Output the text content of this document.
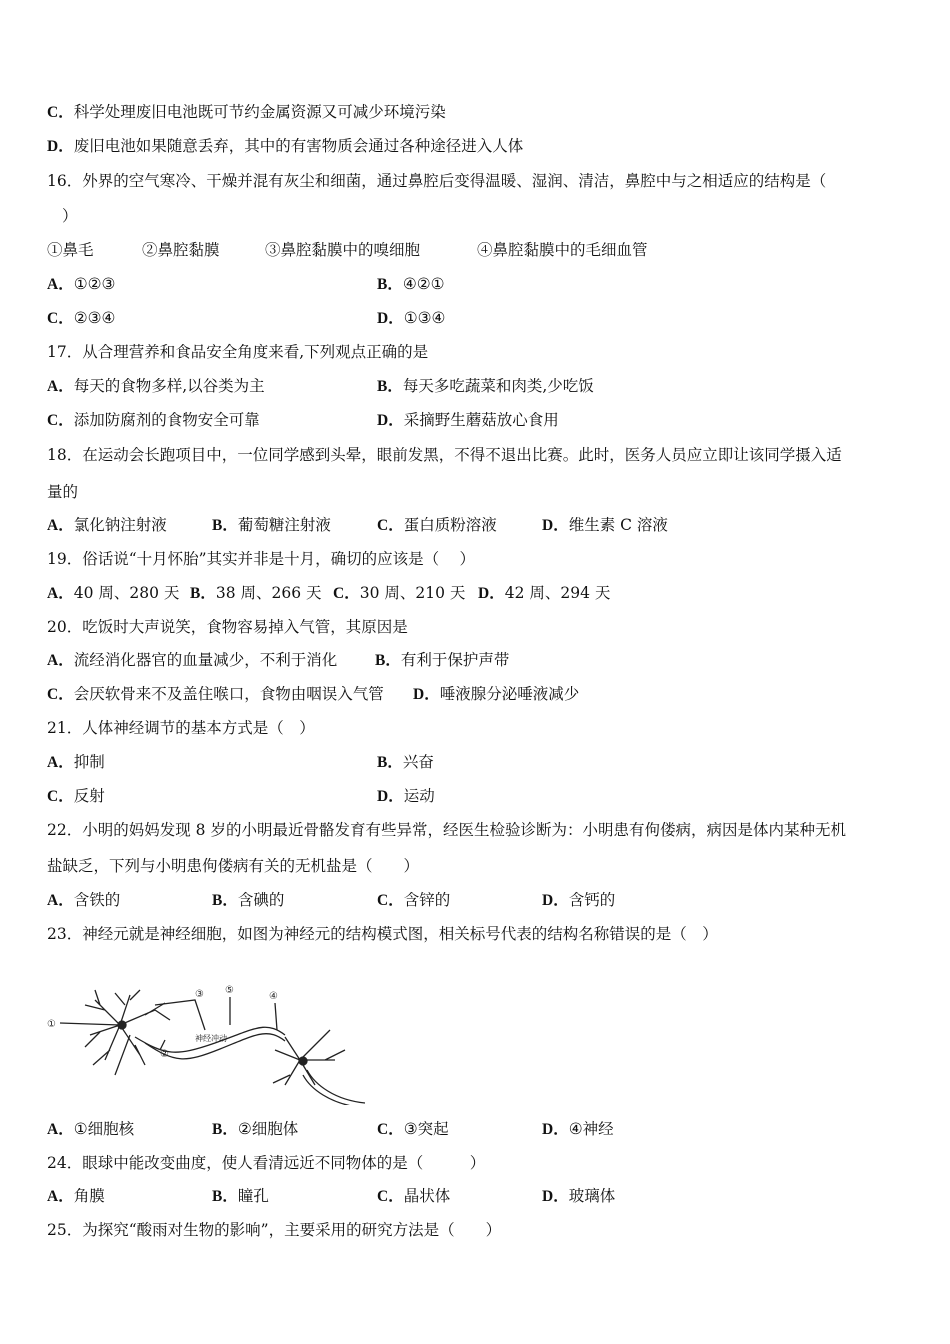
C．科学处理废旧电池既可节约金属资源又可减少环境污染
D．废旧电池如果随意丢弃，其中的有害物质会通过各种途径进入人体
16．外界的空气寒冷、干燥并混有灰尘和细菌，通过鼻腔后变得温暖、湿润、清洁，鼻腔中与之相适应的结构是（
）
①鼻毛	②鼻腔黏膜	③鼻腔黏膜中的嗅细胞	④鼻腔黏膜中的毛细血管
A．①②③	B．④②①
C．②③④	D．①③④
17．从合理营养和食品安全角度来看,下列观点正确的是
A．每天的食物多样,以谷类为主	B．每天多吃蔬菜和肉类,少吃饭
C．添加防腐剂的食物安全可靠	D．采摘野生蘑菇放心食用
18．在运动会长跑项目中，一位同学感到头晕，眼前发黑，不得不退出比赛。此时，医务人员应立即让该同学摄入适
量的
A．氯化钠注射液	B．葡萄糖注射液	C．蛋白质粉溶液	D．维生素 C 溶液
19．俗话说“十月怀胎”其实并非是十月，确切的应该是（　 ）
A．40 周、280 天 B．38 周、266 天 C．30 周、210 天 D．42 周、294 天
20．吃饭时大声说笑，食物容易掉入气管，其原因是
A．流经消化器官的血量减少，不利于消化 B．有利于保护声带
C．会厌软骨来不及盖住喉口，食物由咽误入气管 D．唾液腺分泌唾液减少
21．人体神经调节的基本方式是（　）
A．抑制	B．兴奋
C．反射	D．运动
22．小明的妈妈发现 8 岁的小明最近骨骼发育有些异常，经医生检验诊断为：小明患有佝偻病，病因是体内某种无机
盐缺乏，下列与小明患佝偻病有关的无机盐是（　　）
A．含铁的	B．含碘的	C．含锌的	D．含钙的
23．神经元就是神经细胞，如图为神经元的结构模式图，相关标号代表的结构名称错误的是（　）
①
②
③	④
⑤
神经冲动
A．①细胞核	B．②细胞体	C．③突起	D．④神经
24．眼球中能改变曲度，使人看清远近不同物体的是（　　　）
A．角膜	B．瞳孔	C．晶状体	D．玻璃体
25．为探究“酸雨对生物的影响”，主要采用的研究方法是（　　）
